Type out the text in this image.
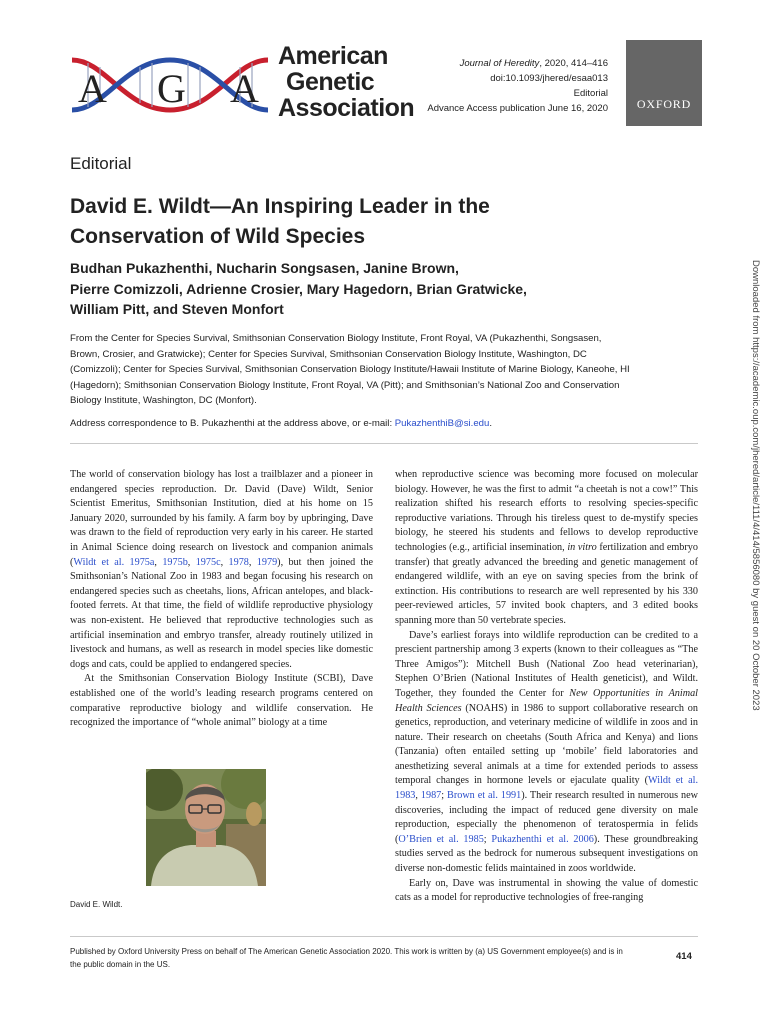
A G A
American
Genetic
Association
Journal of Heredity, 2020, 414–416
doi:10.1093/jhered/esaa013
Editorial
Advance Access publication June 16, 2020	OXFORD
Editorial
David E. Wildt—An Inspiring Leader in the
Conservation of Wild Species
Budhan Pukazhenthi, Nucharin Songsasen, Janine Brown,
Pierre Comizzoli, Adrienne Crosier, Mary Hagedorn, Brian Gratwicke,
William Pitt, and Steven Monfort
From the Center for Species Survival, Smithsonian Conservation Biology Institute, Front Royal, VA (Pukazhenthi, Songsasen, Brown, Crosier, and Gratwicke); Center for Species Survival, Smithsonian Conservation Biology Institute, Washington, DC (Comizzoli); Center for Species Survival, Smithsonian Conservation Biology Institute/Hawaii Institute of Marine Biology, Kaneohe, HI (Hagedorn); Smithsonian Conservation Biology Institute, Front Royal, VA (Pitt); and Smithsonian’s National Zoo and Conservation Biology Institute, Washington, DC (Monfort).
Address correspondence to B. Pukazhenthi at the address above, or e-mail: PukazhenthiB@si.edu.

The world of conservation biology has lost a trailblazer and a pioneer in endangered species reproduction. Dr. David (Dave) Wildt, Senior Scientist Emeritus, Smithsonian Institution, died at his home on 15 January 2020, surrounded by his family. A farm boy by upbringing, Dave was drawn to the field of reproduction very early in his career. He started in Animal Science doing research on livestock and companion animals (Wildt et al. 1975a, 1975b, 1975c, 1978, 1979), but then joined the Smithsonian’s National Zoo in 1983 and began focusing his research on endangered species such as cheetahs, lions, African antelopes, and black-footed ferrets. At that time, the field of wildlife reproductive physiology was non-existent. He believed that reproductive technologies such as artificial insemination and embryo transfer, already routinely utilized in livestock and humans, as well as research in model species like domestic dogs and cats, could be applied to endangered species.

At the Smithsonian Conservation Biology Institute (SCBI), Dave established one of the world’s leading research programs centered on comparative reproductive biology and wildlife conservation. He recognized the importance of “whole animal” biology at a time

David E. Wildt.

when reproductive science was becoming more focused on molecular biology. However, he was the first to admit “a cheetah is not a cow!” This realization shifted his research efforts to resolving species-specific reproductive variations. Through his tireless quest to de-mystify species biology, he steered his students and fellows to develop reproductive technologies (e.g., artificial insemination, in vitro fertilization and embryo transfer) that greatly advanced the breeding and genetic management of endangered wildlife, with an eye on saving species from the brink of extinction. His contributions to research are well represented by his 330 peer-reviewed articles, 57 invited book chapters, and 3 edited books spanning more than 50 vertebrate species.

Dave’s earliest forays into wildlife reproduction can be credited to a prescient partnership among 3 experts (known to their colleagues as “The Three Amigos”): Mitchell Bush (National Zoo head veterinarian), Stephen O’Brien (National Institutes of Health geneticist), and Wildt. Together, they founded the Center for New Opportunities in Animal Health Sciences (NOAHS) in 1986 to support collaborative research on genetics, reproduction, and veterinary medicine of wildlife in zoos and in nature. Their research on cheetahs (South Africa and Kenya) and lions (Tanzania) often entailed setting up ‘mobile’ field laboratories and anesthetizing several animals at a time for extended periods to assess temporal changes in hormone levels or ejaculate quality (Wildt et al. 1983, 1987; Brown et al. 1991). Their research resulted in numerous new discoveries, including the impact of reduced gene diversity on male reproduction, especially the phenomenon of teratospermia in felids (O’Brien et al. 1985; Pukazhenthi et al. 2006). These groundbreaking studies served as the bedrock for numerous subsequent investigations on diverse non-domestic felids maintained in zoos worldwide.

Early on, Dave was instrumental in showing the value of domestic cats as a model for reproductive technologies of free-ranging

Published by Oxford University Press on behalf of The American Genetic Association 2020. This work is written by (a) US Government employee(s) and is in the public domain in the US.
414
Downloaded from https://academic.oup.com/jhered/article/111/4/414/5856080 by guest on 20 October 2023
